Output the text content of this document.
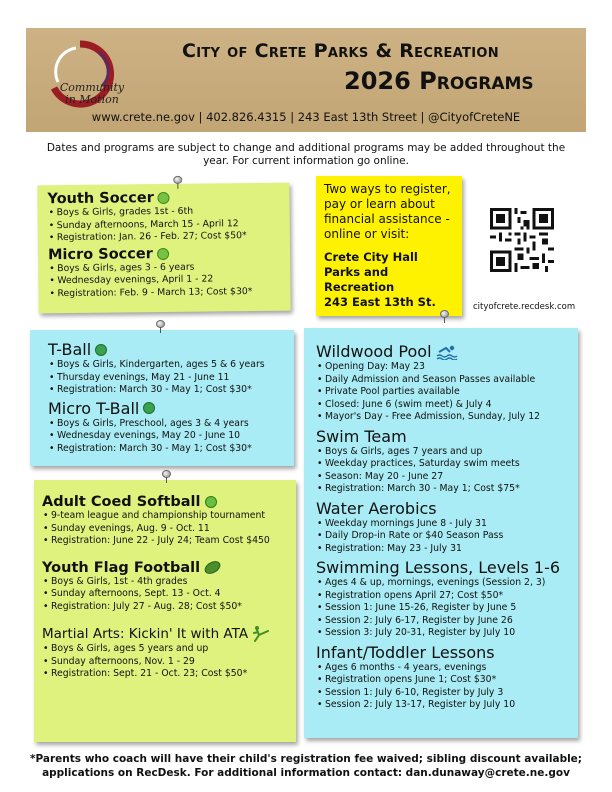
Community
in Motion
City of Crete Parks & Recreation
2026 Programs
www.crete.ne.gov | 402.826.4315 | 243 East 13th Street | @CityofCreteNE
Dates and programs are subject to change and additional programs may be added throughout the year. For current information go online.
Youth Soccer
• Boys & Girls, grades 1st - 6th
• Sunday afternoons, March 15 - April 12
• Registration: Jan. 26 - Feb. 27; Cost $50*
Micro Soccer
• Boys & Girls, ages 3 - 6 years
• Wednesday evenings, April 1 - 22
• Registration: Feb. 9 - March 13; Cost $30*
Two ways to register, pay or learn about financial assistance - online or visit:
Crete City Hall
Parks and Recreation
243 East 13th St.	cityofcrete.recdesk.com
T-Ball
• Boys & Girls, Kindergarten, ages 5 & 6 years
• Thursday evenings, May 21 - June 11
• Registration: March 30 - May 1; Cost $30*
Micro T-Ball
• Boys & Girls, Preschool, ages 3 & 4 years
• Wednesday evenings, May 20 - June 10
• Registration: March 30 - May 1; Cost $30*
Adult Coed Softball
• 9-team league and championship tournament
• Sunday evenings, Aug. 9 - Oct. 11
• Registration: June 22 - July 24; Team Cost $450
Youth Flag Football
• Boys & Girls, 1st - 4th grades
• Sunday afternoons, Sept. 13 - Oct. 4
• Registration: July 27 - Aug. 28; Cost $50*
Martial Arts: Kickin' It with ATA
• Boys & Girls, ages 5 years and up
• Sunday afternoons, Nov. 1 - 29
• Registration: Sept. 21 - Oct. 23; Cost $50*
Wildwood Pool
• Opening Day: May 23
• Daily Admission and Season Passes available
• Private Pool parties available
• Closed: June 6 (swim meet) & July 4
• Mayor's Day - Free Admission, Sunday, July 12
Swim Team
• Boys & Girls, ages 7 years and up
• Weekday practices, Saturday swim meets
• Season: May 20 - June 27
• Registration: March 30 - May 1; Cost $75*
Water Aerobics
• Weekday mornings June 8 - July 31
• Daily Drop-in Rate or $40 Season Pass
• Registration: May 23 - July 31
Swimming Lessons, Levels 1-6
• Ages 4 & up, mornings, evenings (Session 2, 3)
• Registration opens April 27; Cost $50*
• Session 1: June 15-26, Register by June 5
• Session 2: July 6-17, Register by June 26
• Session 3: July 20-31, Register by July 10
Infant/Toddler Lessons
• Ages 6 months - 4 years, evenings
• Registration opens June 1; Cost $30*
• Session 1: July 6-10, Register by July 3
• Session 2: July 13-17, Register by July 10
*Parents who coach will have their child's registration fee waived; sibling discount available;
applications on RecDesk. For additional information contact: dan.dunaway@crete.ne.gov
